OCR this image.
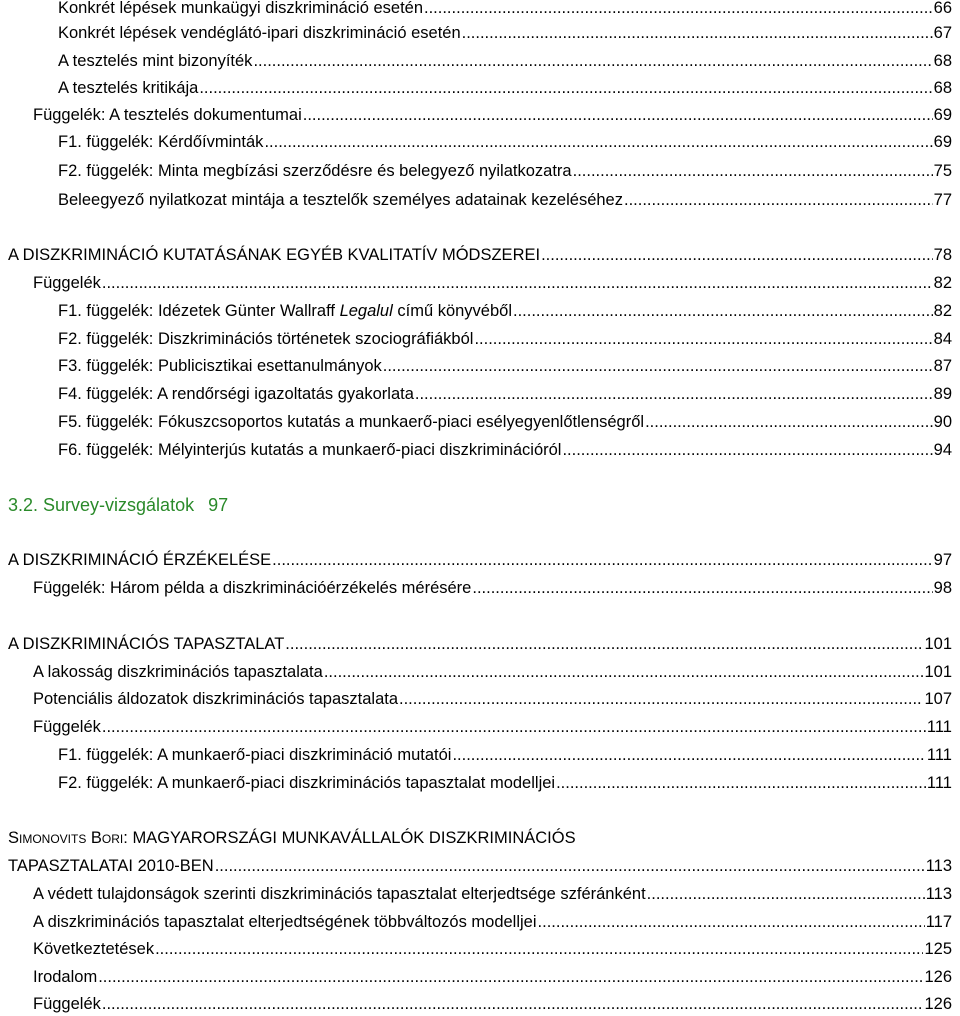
Konkrét lépések munkaügyi diszkrimináció esetén .....	66
Konkrét lépések vendéglátó-ipari diszkrimináció esetén .....	67
A tesztelés mint bizonyíték .....	68
A tesztelés kritikája .....	68
Függelék: A tesztelés dokumentumai .....	69
F1. függelék: Kérdőívminták .....	69
F2. függelék: Minta megbízási szerződésre és belegyező nyilatkozatra .....	75
Beleegyező nyilatkozat mintája a tesztelők személyes adatainak kezeléséhez .....	77
A DISZKRIMINÁCIÓ KUTATÁSÁNAK EGYÉB KVALITATÍV MÓDSZEREI .....	78
Függelék .....	82
F1. függelék: Idézetek Günter Wallraff Legalul című könyvéből .....	82
F2. függelék: Diszkriminációs történetek szociográfiákból .....	84
F3. függelék: Publicisztikai esettanulmányok .....	87
F4. függelék: A rendőrségi igazoltatás gyakorlata .....	89
F5. függelék: Fókuszcsoportos kutatás a munkaerő-piaci esélyegyenlőtlenségről .....	90
F6. függelék: Mélyinterjús kutatás a munkaerő-piaci diszkriminációról .....	94
3.2. Survey-vizsgálatok 97
A DISZKRIMINÁCIÓ ÉRZÉKELÉSE .....	97
Függelék: Három példa a diszkriminációérzékelés mérésére .....	98
A DISZKRIMINÁCIÓS TAPASZTALAT .....	101
A lakosság diszkriminációs tapasztalata .....	101
Potenciális áldozatok diszkriminációs tapasztalata .....	107
Függelék .....	111
F1. függelék: A munkaerő-piaci diszkrimináció mutatói .....	111
F2. függelék: A munkaerő-piaci diszkriminációs tapasztalat modelljei .....	111
Simonovits Bori: MAGYARORSZÁGI MUNKAVÁLLALÓK DISZKRIMINÁCIÓS
TAPASZTALATAI 2010-BEN .....	113
A védett tulajdonságok szerinti diszkriminációs tapasztalat elterjedtsége szféránként .....	113
A diszkriminációs tapasztalat elterjedtségének többváltozós modelljei .....	117
Következtetések .....	125
Irodalom .....	126
Függelék .....	126
